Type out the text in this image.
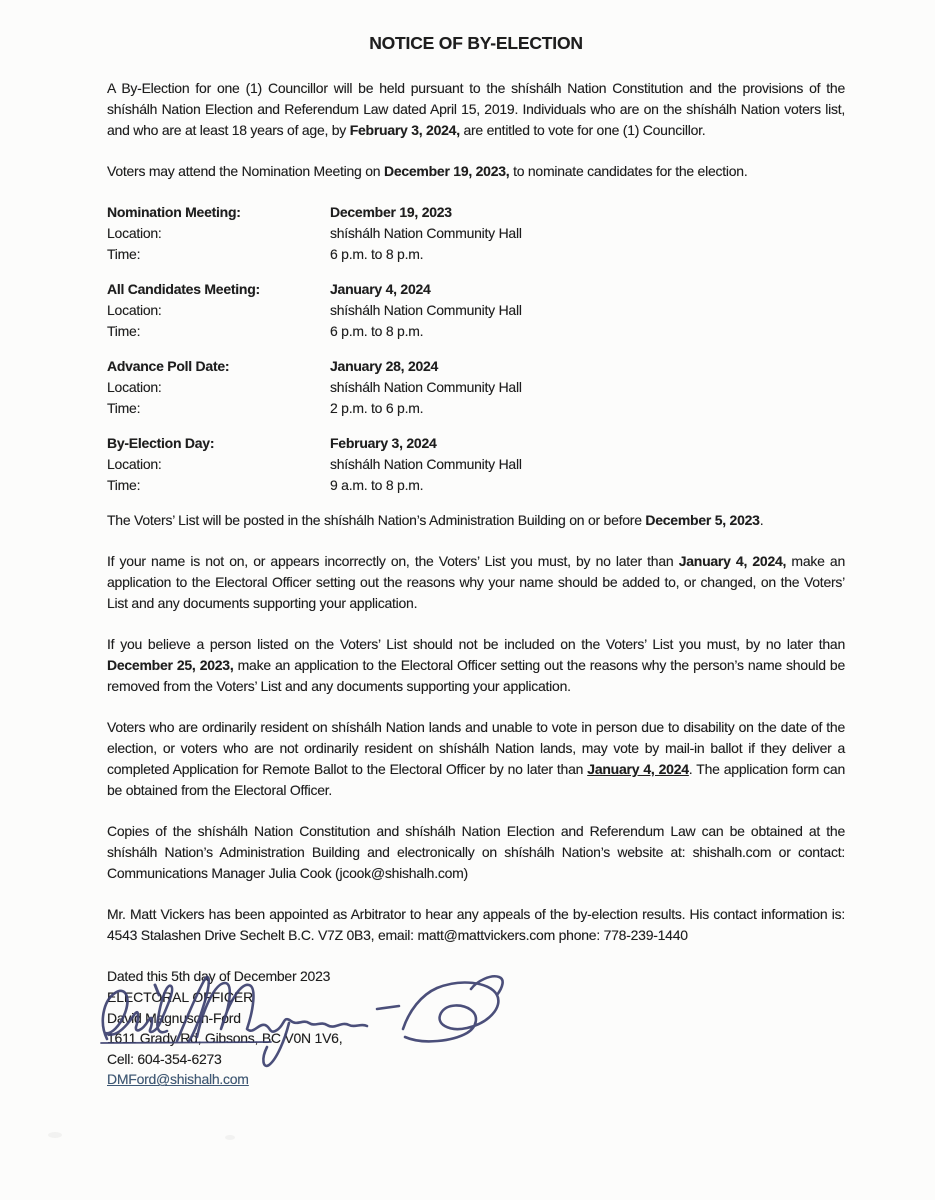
NOTICE OF BY-ELECTION

A By-Election for one (1) Councillor will be held pursuant to the shíshálh Nation Constitution and the provisions of the shíshálh Nation Election and Referendum Law dated April 15, 2019. Individuals who are on the shíshálh Nation voters list, and who are at least 18 years of age, by February 3, 2024, are entitled to vote for one (1) Councillor.

Voters may attend the Nomination Meeting on December 19, 2023, to nominate candidates for the election.

Nomination Meeting:	December 19, 2023
Location:	shíshálh Nation Community Hall
Time:	6 p.m. to 8 p.m.
All Candidates Meeting:	January 4, 2024
Location:	shíshálh Nation Community Hall
Time:	6 p.m. to 8 p.m.
Advance Poll Date:	January 28, 2024
Location:	shíshálh Nation Community Hall
Time:	2 p.m. to 6 p.m.
By-Election Day:	February 3, 2024
Location:	shíshálh Nation Community Hall
Time:	9 a.m. to 8 p.m.

The Voters’ List will be posted in the shíshálh Nation’s Administration Building on or before December 5, 2023.

If your name is not on, or appears incorrectly on, the Voters’ List you must, by no later than January 4, 2024, make an application to the Electoral Officer setting out the reasons why your name should be added to, or changed, on the Voters’ List and any documents supporting your application.

If you believe a person listed on the Voters’ List should not be included on the Voters’ List you must, by no later than December 25, 2023, make an application to the Electoral Officer setting out the reasons why the person’s name should be removed from the Voters’ List and any documents supporting your application.

Voters who are ordinarily resident on shíshálh Nation lands and unable to vote in person due to disability on the date of the election, or voters who are not ordinarily resident on shíshálh Nation lands, may vote by mail-in ballot if they deliver a completed Application for Remote Ballot to the Electoral Officer by no later than January 4, 2024. The application form can be obtained from the Electoral Officer.

Copies of the shíshálh Nation Constitution and shíshálh Nation Election and Referendum Law can be obtained at the shíshálh Nation’s Administration Building and electronically on shíshálh Nation’s website at: shishalh.com or contact: Communications Manager Julia Cook (jcook@shishalh.com)

Mr. Matt Vickers has been appointed as Arbitrator to hear any appeals of the by-election results. His contact information is: 4543 Stalashen Drive Sechelt B.C. V7Z 0B3, email: matt@mattvickers.com phone: 778-239-1440

Dated this 5th day of December 2023

ELECTORAL OFFICER
David Magnuson-Ford
1611 Grady Rd, Gibsons, BC V0N 1V6,
Cell: 604-354-6273
DMFord@shishalh.com
